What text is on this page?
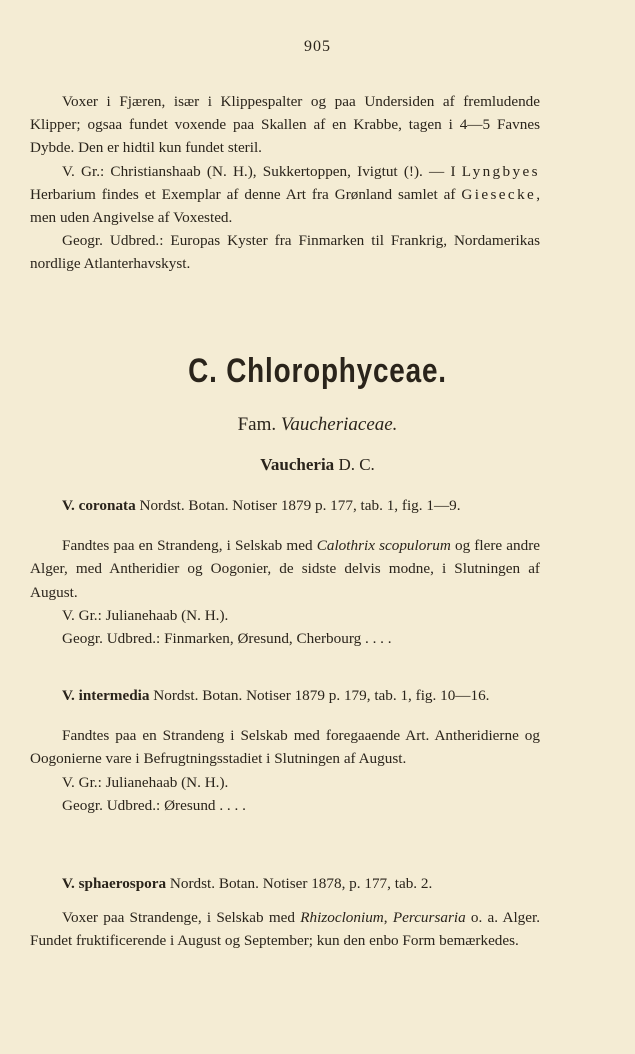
905

Voxer i Fjæren, især i Klippespalter og paa Undersiden af fremludende Klipper; ogsaa fundet voxende paa Skallen af en Krabbe, tagen i 4—5 Favnes Dybde. Den er hidtil kun fundet steril.

V. Gr.: Christianshaab (N. H.), Sukkertoppen, Ivigtut (!). — I Lyngbyes Herbarium findes et Exemplar af denne Art fra Grønland samlet af Giesecke, men uden Angivelse af Voxested.

Geogr. Udbred.: Europas Kyster fra Finmarken til Frankrig, Nordamerikas nordlige Atlanterhavskyst.

C. Chlorophyceae.
Fam. Vaucheriaceae.
Vaucheria D. C.

V. coronata Nordst. Botan. Notiser 1879 p. 177, tab. 1, fig. 1—9.

Fandtes paa en Strandeng, i Selskab med Calothrix scopulorum og flere andre Alger, med Antheridier og Oogonier, de sidste delvis modne, i Slutningen af August.

V. Gr.: Julianehaab (N. H.).

Geogr. Udbred.: Finmarken, Øresund, Cherbourg . . . .

V. intermedia Nordst. Botan. Notiser 1879 p. 179, tab. 1, fig. 10—16.

Fandtes paa en Strandeng i Selskab med foregaaende Art. Antheridierne og Oogonierne vare i Befrugtningsstadiet i Slutningen af August.

V. Gr.: Julianehaab (N. H.).

Geogr. Udbred.: Øresund . . . .

V. sphaerospora Nordst. Botan. Notiser 1878, p. 177, tab. 2.

Voxer paa Strandenge, i Selskab med Rhizoclonium, Percursaria o. a. Alger. Fundet fruktificerende i August og September; kun den enbo Form bemærkedes.
